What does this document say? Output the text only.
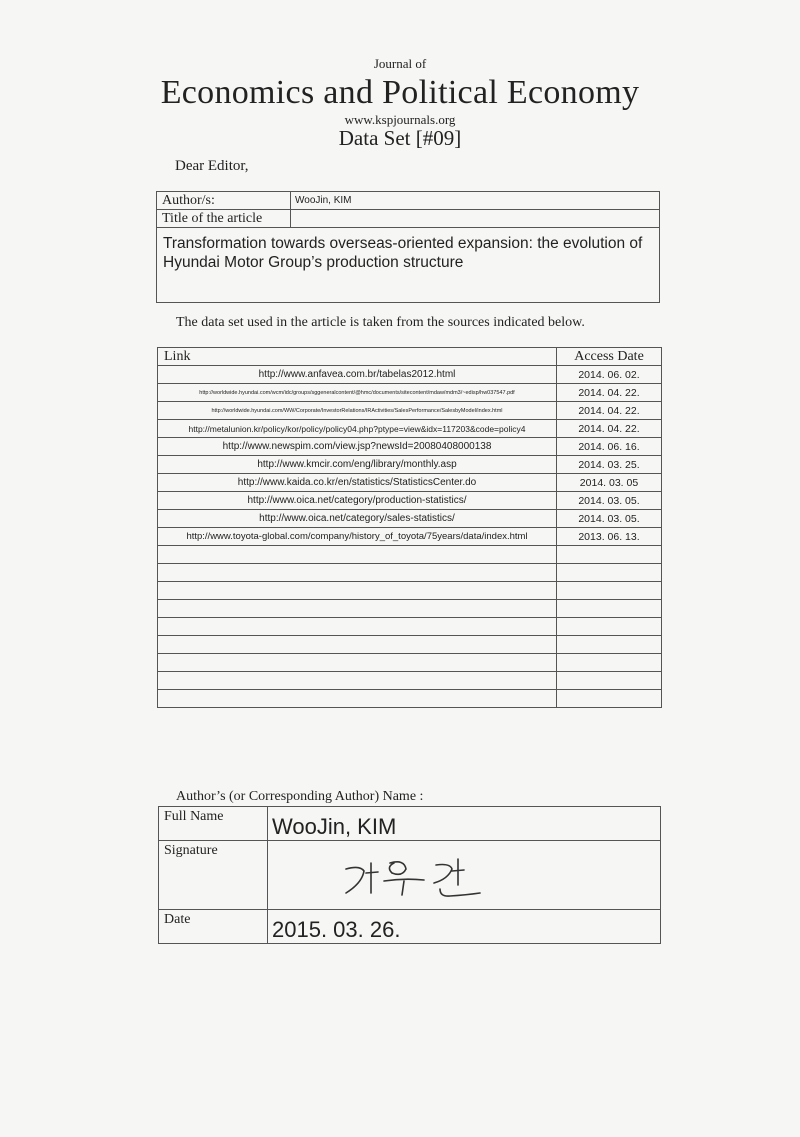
Journal of
Economics and Political Economy
www.kspjournals.org
Data Set [#09]
Dear Editor,
Author/s:	WooJin, KIM
Title of the article	
Transformation towards overseas-oriented expansion: the evolution of Hyundai Motor Group’s production structure	
The data set used in the article is taken from the sources indicated below.
Link	Access Date
http://www.anfavea.com.br/tabelas2012.html	2014. 06. 02.
http://worldwide.hyundai.com/wcm/idc/groups/sggeneralcontent/@hmc/documents/sitecontent/mdaw/mdm3/~edisp/hw037547.pdf	2014. 04. 22.
http://worldwide.hyundai.com/WW/Corporate/InvestorRelations/IRActivities/SalesPerformance/SalesbyModel/index.html	2014. 04. 22.
http://metalunion.kr/policy/kor/policy/policy04.php?ptype=view&idx=117203&code=policy4	2014. 04. 22.
http://www.newspim.com/view.jsp?newsId=20080408000138	2014. 06. 16.
http://www.kmcir.com/eng/library/monthly.asp	2014. 03. 25.
http://www.kaida.co.kr/en/statistics/StatisticsCenter.do	2014. 03. 05
http://www.oica.net/category/production-statistics/	2014. 03. 05.
http://www.oica.net/category/sales-statistics/	2014. 03. 05.
http://www.toyota-global.com/company/history_of_toyota/75years/data/index.html	2013. 06. 13.

Author’s (or Corresponding Author) Name :
Full Name	WooJin, KIM
Signature	

Date	2015. 03. 26.
